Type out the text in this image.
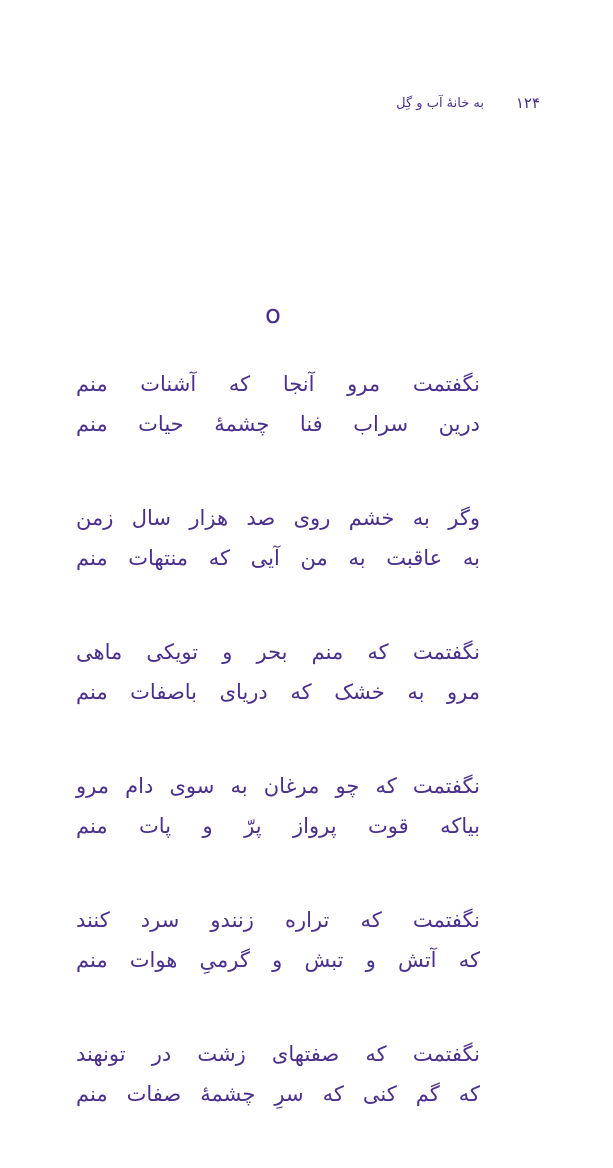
۱۲۴
به خانهٔ آب و گِل
o
نگفتمت مرو آنجا که آشنات منم
درین سراب فنا چشمهٔ حیات منم
وگر به خشم روی صد هزار سال زمن
به عاقبت به من آیی که منتهات منم
نگفتمت که منم بحر و تویکی ماهی
مرو به خشک که دریای باصفات منم
نگفتمت که چو مرغان به سوی دام مرو
بیاکه قوت پرواز پرّ و پات منم
نگفتمت که تراره زنندو سرد کنند
که آتش و تبش و گرمیِ هوات منم
نگفتمت که صفتهای زشت در تونهند
که گم کنی که سرِ چشمهٔ صفات منم
